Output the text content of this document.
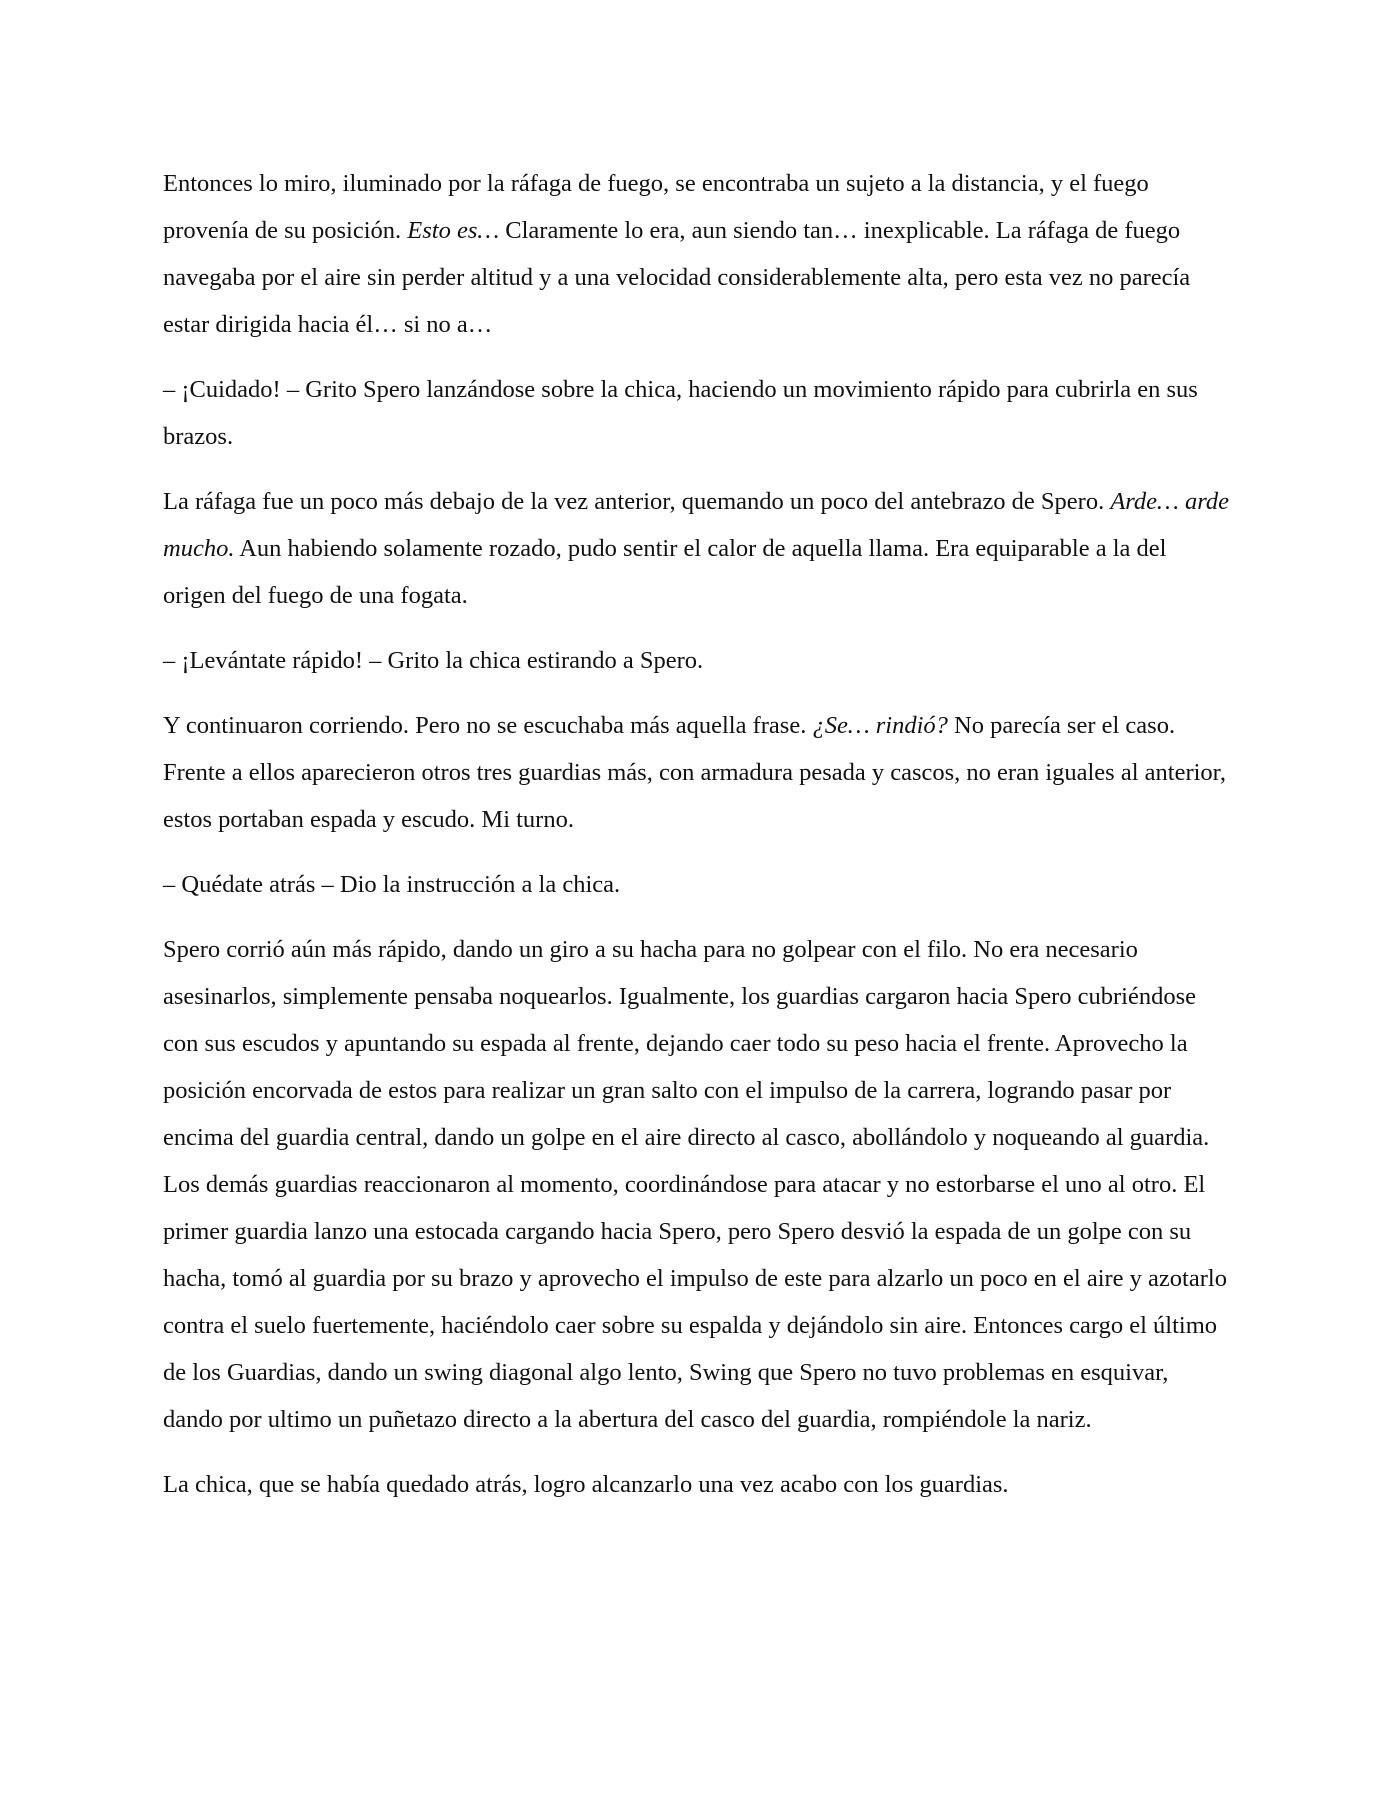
Entonces lo miro, iluminado por la ráfaga de fuego, se encontraba un sujeto a la distancia, y el fuego provenía de su posición. Esto es… Claramente lo era, aun siendo tan… inexplicable. La ráfaga de fuego navegaba por el aire sin perder altitud y a una velocidad considerablemente alta, pero esta vez no parecía estar dirigida hacia él… si no a…

– ¡Cuidado! – Grito Spero lanzándose sobre la chica, haciendo un movimiento rápido para cubrirla en sus brazos.

La ráfaga fue un poco más debajo de la vez anterior, quemando un poco del antebrazo de Spero. Arde… arde mucho. Aun habiendo solamente rozado, pudo sentir el calor de aquella llama. Era equiparable a la del origen del fuego de una fogata.

– ¡Levántate rápido! – Grito la chica estirando a Spero.

Y continuaron corriendo. Pero no se escuchaba más aquella frase. ¿Se… rindió? No parecía ser el caso. Frente a ellos aparecieron otros tres guardias más, con armadura pesada y cascos, no eran iguales al anterior, estos portaban espada y escudo. Mi turno.

– Quédate atrás – Dio la instrucción a la chica.

Spero corrió aún más rápido, dando un giro a su hacha para no golpear con el filo. No era necesario asesinarlos, simplemente pensaba noquearlos. Igualmente, los guardias cargaron hacia Spero cubriéndose con sus escudos y apuntando su espada al frente, dejando caer todo su peso hacia el frente. Aprovecho la posición encorvada de estos para realizar un gran salto con el impulso de la carrera, logrando pasar por encima del guardia central, dando un golpe en el aire directo al casco, abollándolo y noqueando al guardia. Los demás guardias reaccionaron al momento, coordinándose para atacar y no estorbarse el uno al otro. El primer guardia lanzo una estocada cargando hacia Spero, pero Spero desvió la espada de un golpe con su hacha, tomó al guardia por su brazo y aprovecho el impulso de este para alzarlo un poco en el aire y azotarlo contra el suelo fuertemente, haciéndolo caer sobre su espalda y dejándolo sin aire. Entonces cargo el último de los Guardias, dando un swing diagonal algo lento, Swing que Spero no tuvo problemas en esquivar, dando por ultimo un puñetazo directo a la abertura del casco del guardia, rompiéndole la nariz.

La chica, que se había quedado atrás, logro alcanzarlo una vez acabo con los guardias.
